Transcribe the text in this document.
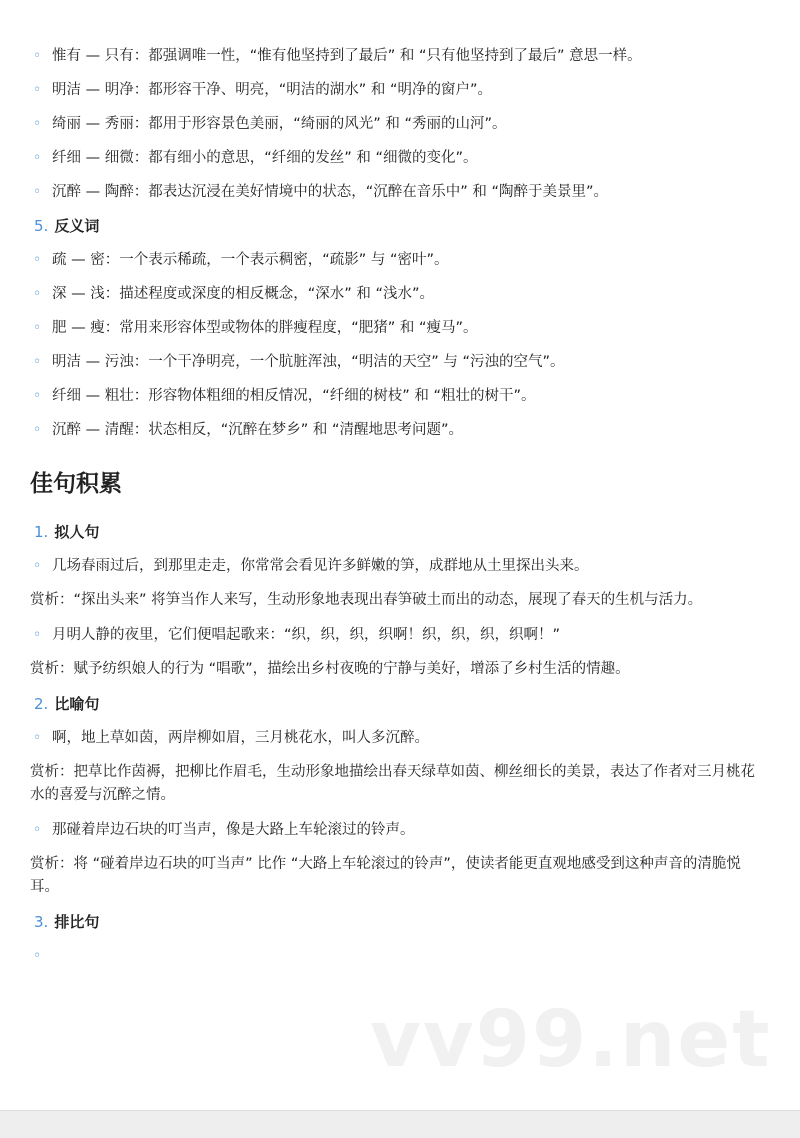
◦ 惟有 — 只有：都强调唯一性，“惟有他坚持到了最后” 和 “只有他坚持到了最后” 意思一样。

◦ 明洁 — 明净：都形容干净、明亮，“明洁的湖水” 和 “明净的窗户”。

◦ 绮丽 — 秀丽：都用于形容景色美丽，“绮丽的风光” 和 “秀丽的山河”。

◦ 纤细 — 细微：都有细小的意思，“纤细的发丝” 和 “细微的变化”。

◦ 沉醉 — 陶醉：都表达沉浸在美好情境中的状态，“沉醉在音乐中” 和 “陶醉于美景里”。

5. 反义词

◦ 疏 — 密：一个表示稀疏，一个表示稠密，“疏影” 与 “密叶”。

◦ 深 — 浅：描述程度或深度的相反概念，“深水” 和 “浅水”。

◦ 肥 — 瘦：常用来形容体型或物体的胖瘦程度，“肥猪” 和 “瘦马”。

◦ 明洁 — 污浊：一个干净明亮，一个肮脏浑浊，“明洁的天空” 与 “污浊的空气”。

◦ 纤细 — 粗壮：形容物体粗细的相反情况，“纤细的树枝” 和 “粗壮的树干”。

◦ 沉醉 — 清醒：状态相反，“沉醉在梦乡” 和 “清醒地思考问题”。

佳句积累
1. 拟人句

◦ 几场春雨过后，到那里走走，你常常会看见许多鲜嫩的笋，成群地从土里探出头来。

赏析：“探出头来” 将笋当作人来写，生动形象地表现出春笋破土而出的动态，展现了春天的生机与活力。

◦ 月明人静的夜里，它们便唱起歌来：“织，织，织，织啊！织，织，织，织啊！”

赏析：赋予纺织娘人的行为 “唱歌”，描绘出乡村夜晚的宁静与美好，增添了乡村生活的情趣。

2. 比喻句

◦ 啊，地上草如茵，两岸柳如眉，三月桃花水，叫人多沉醉。

赏析：把草比作茵褥，把柳比作眉毛，生动形象地描绘出春天绿草如茵、柳丝细长的美景，表达了作者对三月桃花水的喜爱与沉醉之情。

◦ 那碰着岸边石块的叮当声，像是大路上车轮滚过的铃声。

赏析：将 “碰着岸边石块的叮当声” 比作 “大路上车轮滚过的铃声”，使读者能更直观地感受到这种声音的清脆悦耳。

3. 排比句

◦

vv99.net
